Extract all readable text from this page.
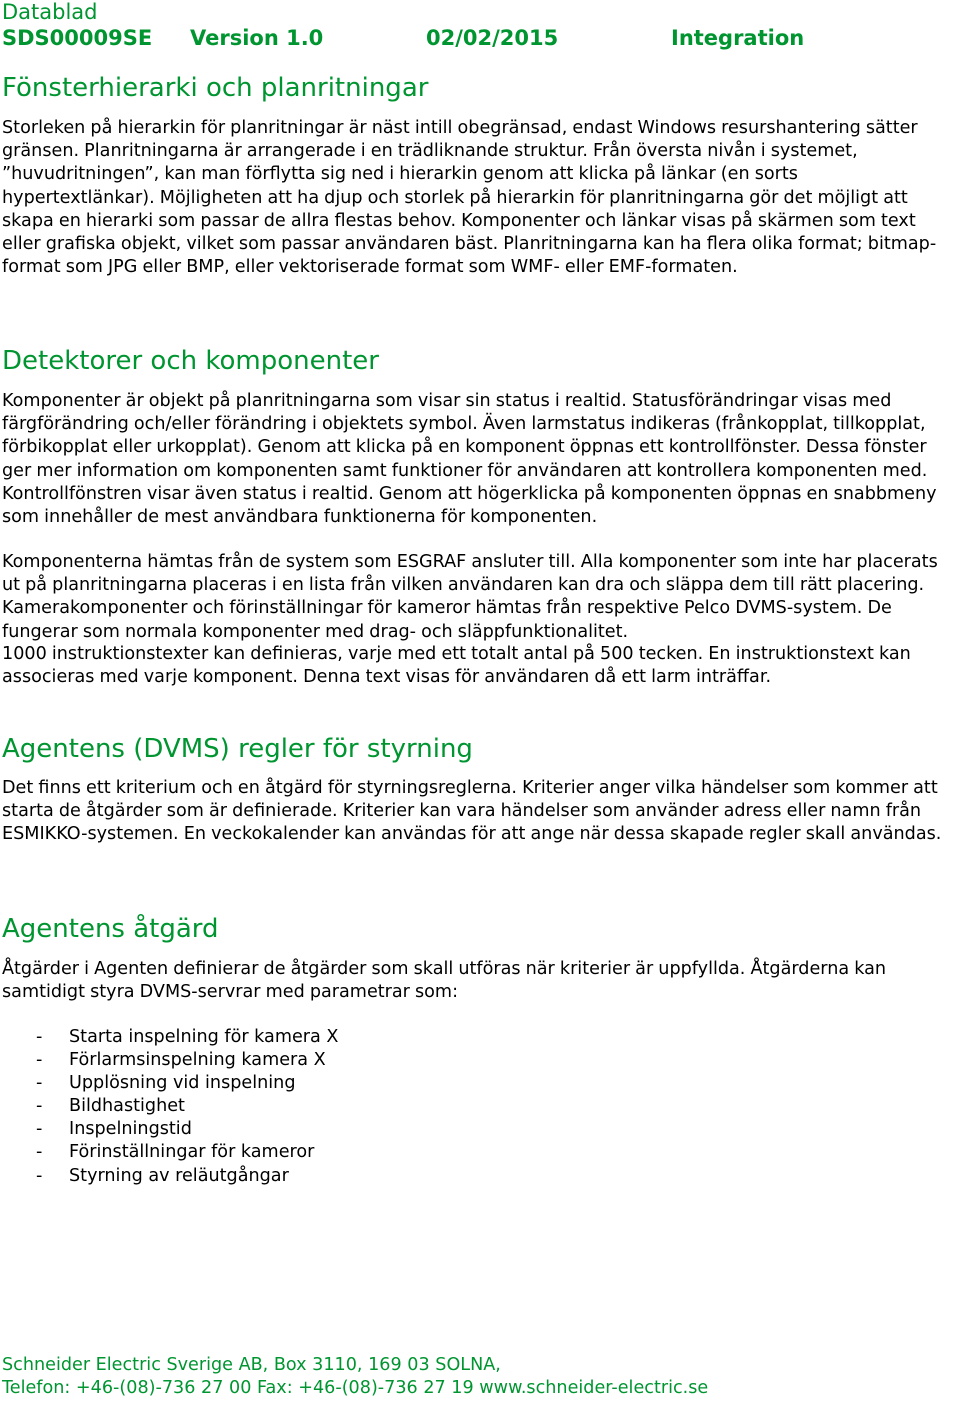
Datablad

SDS00009SE

Version 1.0

	02/02/2015

	Integration

Fönsterhierarki och planritningar

Storleken på hierarkin för planritningar är näst intill obegränsad, endast Windows resurshantering sätter gränsen. Planritningarna är arrangerade i en trädliknande struktur. Från översta nivån i systemet, ”huvudritningen”, kan man förflytta sig ned i hierarkin genom att klicka på länkar (en sorts hypertextlänkar). Möjligheten att ha djup och storlek på hierarkin för planritningarna gör det möjligt att skapa en hierarki som passar de allra flestas behov. Komponenter och länkar visas på skärmen som text eller grafiska objekt, vilket som passar användaren bäst. Planritningarna kan ha flera olika format; bitmap-format som JPG eller BMP, eller vektoriserade format som WMF- eller EMF-formaten.

Detektorer och komponenter

Komponenter är objekt på planritningarna som visar sin status i realtid. Statusförändringar visas med färgförändring och/eller förändring i objektets symbol. Även larmstatus indikeras (frånkopplat, tillkopplat, förbikopplat eller urkopplat). Genom att klicka på en komponent öppnas ett kontrollfönster. Dessa fönster ger mer information om komponenten samt funktioner för användaren att kontrollera komponenten med. Kontrollfönstren visar även status i realtid. Genom att högerklicka på komponenten öppnas en snabbmeny som innehåller de mest användbara funktionerna för komponenten.

Komponenterna hämtas från de system som ESGRAF ansluter till. Alla komponenter som inte har placerats ut på planritningarna placeras i en lista från vilken användaren kan dra och släppa dem till rätt placering. Kamerakomponenter och förinställningar för kameror hämtas från respektive Pelco DVMS-system. De fungerar som normala komponenter med drag- och släppfunktionalitet.

1000 instruktionstexter kan definieras, varje med ett totalt antal på 500 tecken. En instruktionstext kan associeras med varje komponent. Denna text visas för användaren då ett larm inträffar.

Agentens (DVMS) regler för styrning

Det finns ett kriterium och en åtgärd för styrningsreglerna. Kriterier anger vilka händelser som kommer att starta de åtgärder som är definierade. Kriterier kan vara händelser som använder adress eller namn från ESMIKKO-systemen. En veckokalender kan användas för att ange när dessa skapade regler skall användas.

Agentens åtgärd

Åtgärder i Agenten definierar de åtgärder som skall utföras när kriterier är uppfyllda. Åtgärderna kan samtidigt styra DVMS-servrar med parametrar som:

- Starta inspelning för kamera X
- Förlarmsinspelning kamera X
- Upplösning vid inspelning
- Bildhastighet
- Inspelningstid
- Förinställningar för kameror
- Styrning av reläutgångar
Schneider Electric Sverige AB, Box 3110, 169 03 SOLNA,
Telefon: +46-(08)-736 27 00 Fax: +46-(08)-736 27 19 www.schneider-electric.se
